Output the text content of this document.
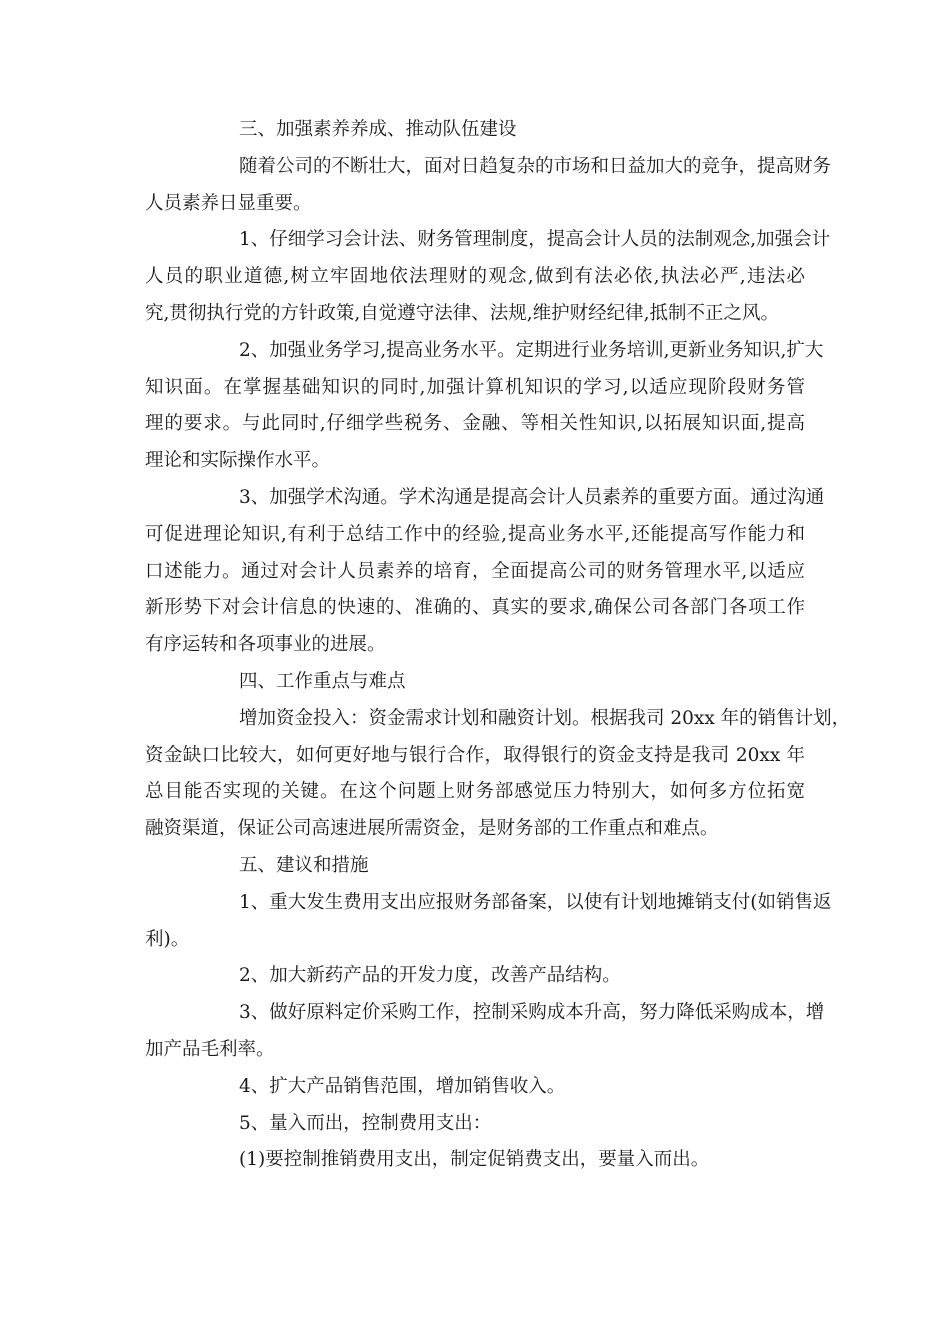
三、加强素养养成、推动队伍建设
随着公司的不断壮大，面对日趋复杂的市场和日益加大的竞争，提高财务
人员素养日显重要。
1、仔细学习会计法、财务管理制度，提高会计人员的法制观念,加强会计
人员的职业道德,树立牢固地依法理财的观念,做到有法必依,执法必严,违法必
究,贯彻执行党的方针政策,自觉遵守法律、法规,维护财经纪律,抵制不正之风。
2、加强业务学习,提高业务水平。定期进行业务培训,更新业务知识,扩大
知识面。在掌握基础知识的同时,加强计算机知识的学习,以适应现阶段财务管
理的要求。与此同时,仔细学些税务、金融、等相关性知识,以拓展知识面,提高
理论和实际操作水平。
3、加强学术沟通。学术沟通是提高会计人员素养的重要方面。通过沟通
可促进理论知识,有利于总结工作中的经验,提高业务水平,还能提高写作能力和
口述能力。通过对会计人员素养的培育，全面提高公司的财务管理水平,以适应
新形势下对会计信息的快速的、准确的、真实的要求,确保公司各部门各项工作
有序运转和各项事业的进展。
四、工作重点与难点
增加资金投入：资金需求计划和融资计划。根据我司 20xx 年的销售计划，
资金缺口比较大，如何更好地与银行合作，取得银行的资金支持是我司 20xx 年
总目能否实现的关键。在这个问题上财务部感觉压力特别大，如何多方位拓宽
融资渠道，保证公司高速进展所需资金，是财务部的工作重点和难点。
五、建议和措施
1、重大发生费用支出应报财务部备案，以使有计划地摊销支付(如销售返
利)。
2、加大新药产品的开发力度，改善产品结构。
3、做好原料定价采购工作，控制采购成本升高，努力降低采购成本，增
加产品毛利率。
4、扩大产品销售范围，增加销售收入。
5、量入而出，控制费用支出：
(1)要控制推销费用支出，制定促销费支出，要量入而出。
